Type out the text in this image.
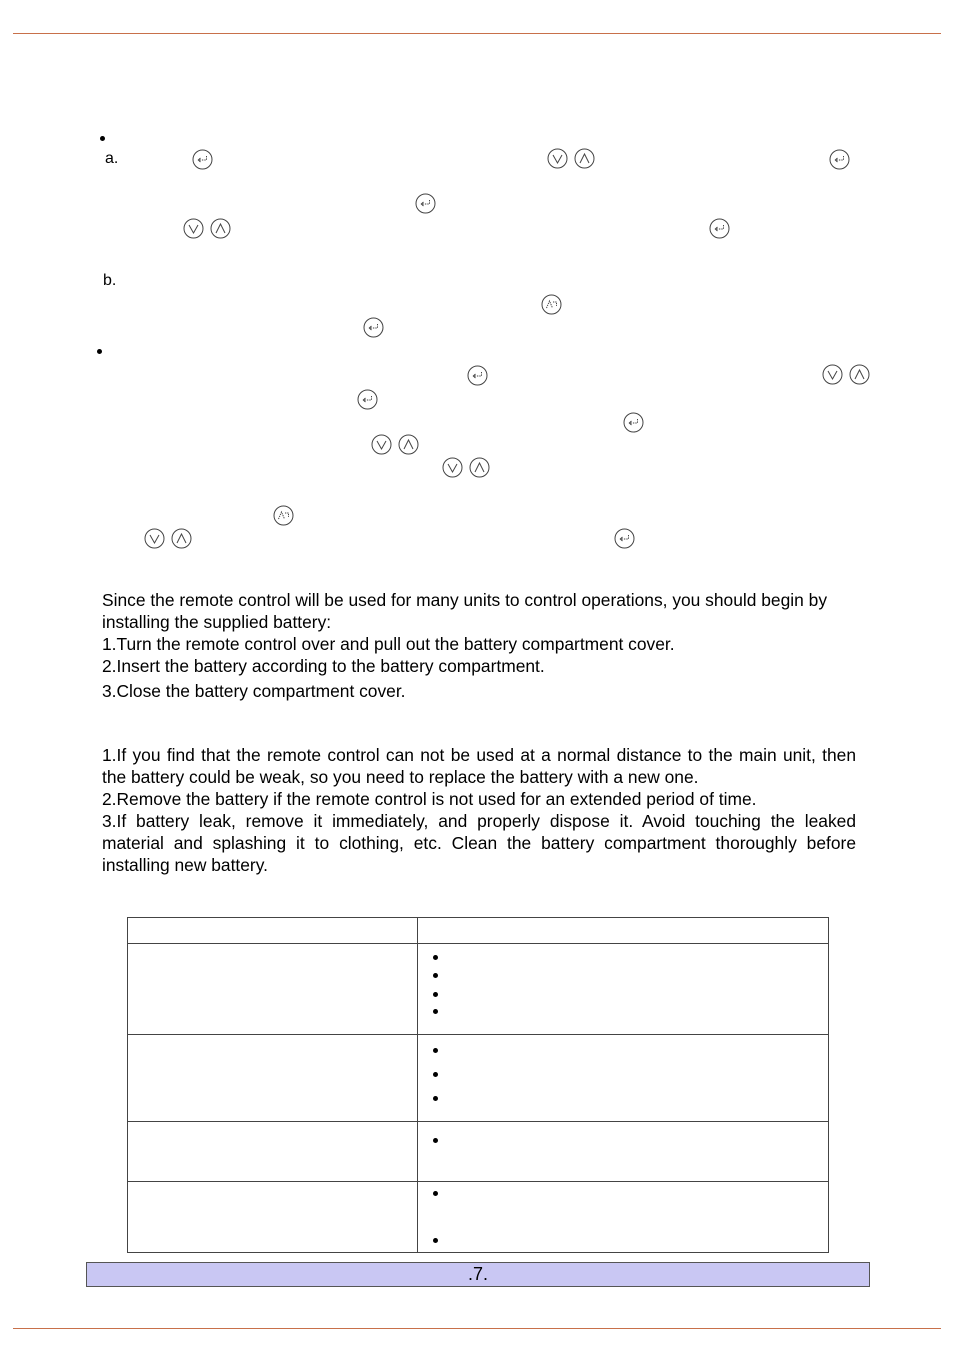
a.
b.

Since the remote control will be used for many units to control operations, you should begin by installing the supplied battery:

1.Turn the remote control over and pull out the battery compartment cover.

2.Insert the battery according to the battery compartment.

3.Close the battery compartment cover.

1.If you find that the remote control can not be used at a normal distance to the main unit, then the battery could be weak, so you need to replace the battery with a new one.

2.Remove the battery if the remote control is not used for an extended period of time.

3.If battery leak, remove it immediately, and properly dispose it. Avoid touching the leaked material and splashing it to clothing, etc. Clean the battery compartment thoroughly before installing new battery.

.7.
